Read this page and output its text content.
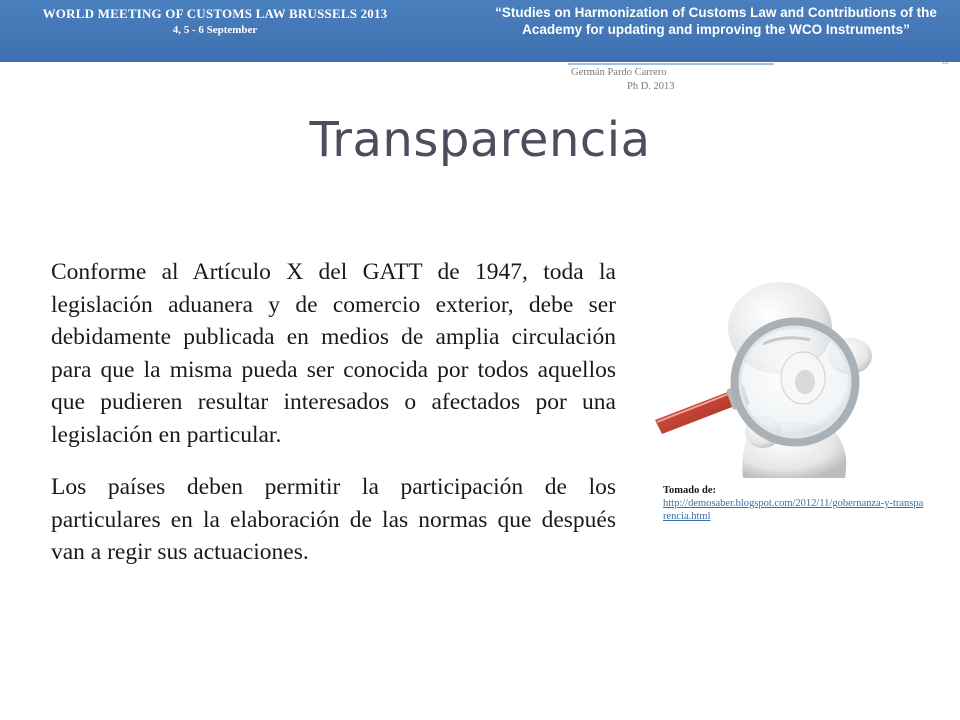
WORLD MEETING OF CUSTOMS LAW BRUSSELS 2013
4, 5 - 6 September
“Studies on Harmonization of Customs Law and Contributions of the Academy for updating and improving the WCO Instruments”
Germán Pardo Carrero
Ph D. 2013
▪▪▪
Transparencia

Conforme al Artículo X del GATT de 1947, toda la legislación aduanera y de comercio exterior, debe ser debidamente publicada en medios de amplia circulación para que la misma pueda ser conocida por todos aquellos que pudieren resultar interesados o afectados por una legislación en particular.

Los países deben permitir la participación de los particulares en la elaboración de las normas que después van a regir sus actuaciones.

Tomado de:
http://demosaber.blogspot.com/2012/11/gobernanza-y-transparencia.html
